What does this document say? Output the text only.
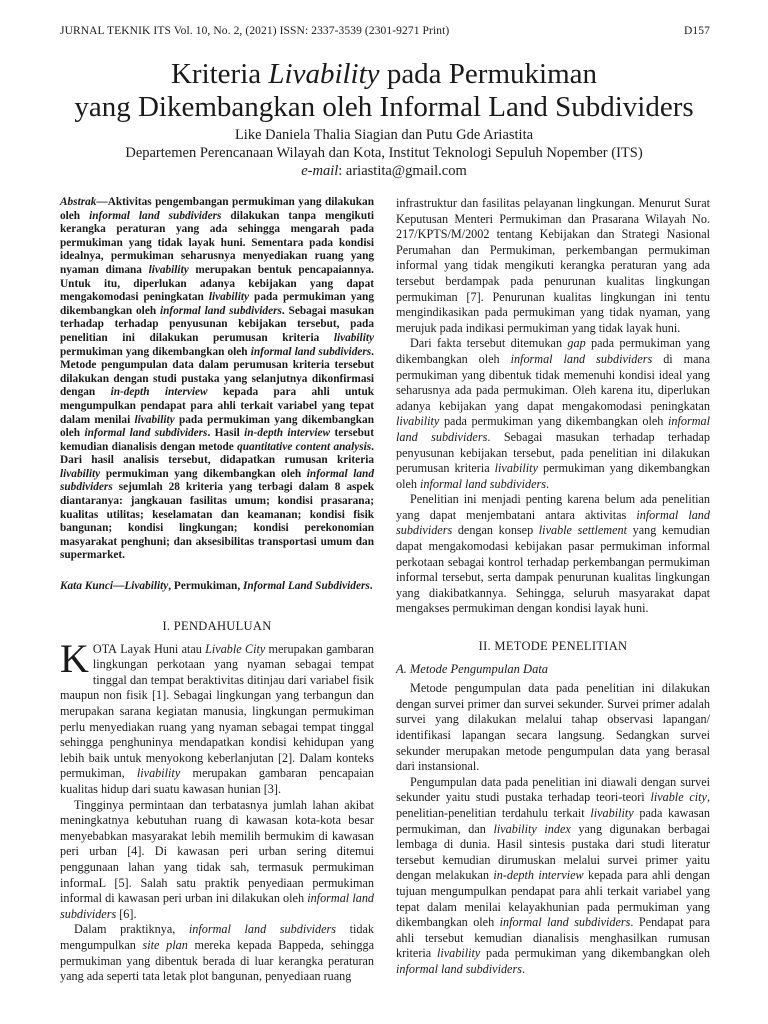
JURNAL TEKNIK ITS Vol. 10, No. 2, (2021) ISSN: 2337-3539 (2301-9271 Print)	D157
Kriteria Livability pada Permukiman
yang Dikembangkan oleh Informal Land Subdividers
Like Daniela Thalia Siagian dan Putu Gde Ariastita
Departemen Perencanaan Wilayah dan Kota, Institut Teknologi Sepuluh Nopember (ITS)
e-mail: ariastita@gmail.com

Abstrak—Aktivitas pengembangan permukiman yang dilakukan oleh informal land subdividers dilakukan tanpa mengikuti kerangka peraturan yang ada sehingga mengarah pada permukiman yang tidak layak huni. Sementara pada kondisi idealnya, permukiman seharusnya menyediakan ruang yang nyaman dimana livability merupakan bentuk pencapaiannya. Untuk itu, diperlukan adanya kebijakan yang dapat mengakomodasi peningkatan livability pada permukiman yang dikembangkan oleh informal land subdividers. Sebagai masukan terhadap terhadap penyusunan kebijakan tersebut, pada penelitian ini dilakukan perumusan kriteria livability permukiman yang dikembangkan oleh informal land subdividers. Metode pengumpulan data dalam perumusan kriteria tersebut dilakukan dengan studi pustaka yang selanjutnya dikonfirmasi dengan in-depth interview kepada para ahli untuk mengumpulkan pendapat para ahli terkait variabel yang tepat dalam menilai livability pada permukiman yang dikembangkan oleh informal land subdividers. Hasil in-depth interview tersebut kemudian dianalisis dengan metode quantitative content analysis. Dari hasil analisis tersebut, didapatkan rumusan kriteria livability permukiman yang dikembangkan oleh informal land subdividers sejumlah 28 kriteria yang terbagi dalam 8 aspek diantaranya: jangkauan fasilitas umum; kondisi prasarana; kualitas utilitas; keselamatan dan keamanan; kondisi fisik bangunan; kondisi lingkungan; kondisi perekonomian masyarakat penghuni; dan aksesibilitas transportasi umum dan supermarket.

Kata Kunci—Livability, Permukiman, Informal Land Subdividers.

I. PENDAHULUAN

KOTA Layak Huni atau Livable City merupakan gambaran lingkungan perkotaan yang nyaman sebagai tempat tinggal dan tempat beraktivitas ditinjau dari variabel fisik maupun non fisik [1]. Sebagai lingkungan yang terbangun dan merupakan sarana kegiatan manusia, lingkungan permukiman perlu menyediakan ruang yang nyaman sebagai tempat tinggal sehingga penghuninya mendapatkan kondisi kehidupan yang lebih baik untuk menyokong keberlanjutan [2]. Dalam konteks permukiman, livability merupakan gambaran pencapaian kualitas hidup dari suatu kawasan hunian [3].

Tingginya permintaan dan terbatasnya jumlah lahan akibat meningkatnya kebutuhan ruang di kawasan kota-kota besar menyebabkan masyarakat lebih memilih bermukim di kawasan peri urban [4]. Di kawasan peri urban sering ditemui penggunaan lahan yang tidak sah, termasuk permukiman informaL [5]. Salah satu praktik penyediaan permukiman informal di kawasan peri urban ini dilakukan oleh informal land subdividers [6].

Dalam praktiknya, informal land subdividers tidak mengumpulkan site plan mereka kepada Bappeda, sehingga permukiman yang dibentuk berada di luar kerangka peraturan yang ada seperti tata letak plot bangunan, penyediaan ruang

infrastruktur dan fasilitas pelayanan lingkungan. Menurut Surat Keputusan Menteri Permukiman dan Prasarana Wilayah No. 217/KPTS/M/2002 tentang Kebijakan dan Strategi Nasional Perumahan dan Permukiman, perkembangan permukiman informal yang tidak mengikuti kerangka peraturan yang ada tersebut berdampak pada penurunan kualitas lingkungan permukiman [7]. Penurunan kualitas lingkungan ini tentu mengindikasikan pada permukiman yang tidak nyaman, yang merujuk pada indikasi permukiman yang tidak layak huni.

Dari fakta tersebut ditemukan gap pada permukiman yang dikembangkan oleh informal land subdividers di mana permukiman yang dibentuk tidak memenuhi kondisi ideal yang seharusnya ada pada permukiman. Oleh karena itu, diperlukan adanya kebijakan yang dapat mengakomodasi peningkatan livability pada permukiman yang dikembangkan oleh informal land subdividers. Sebagai masukan terhadap terhadap penyusunan kebijakan tersebut, pada penelitian ini dilakukan perumusan kriteria livability permukiman yang dikembangkan oleh informal land subdividers.

Penelitian ini menjadi penting karena belum ada penelitian yang dapat menjembatani antara aktivitas informal land subdividers dengan konsep livable settlement yang kemudian dapat mengakomodasi kebijakan pasar permukiman informal perkotaan sebagai kontrol terhadap perkembangan permukiman informal tersebut, serta dampak penurunan kualitas lingkungan yang diakibatkannya. Sehingga, seluruh masyarakat dapat mengakses permukiman dengan kondisi layak huni.

II. METODE PENELITIAN
A. Metode Pengumpulan Data

Metode pengumpulan data pada penelitian ini dilakukan dengan survei primer dan survei sekunder. Survei primer adalah survei yang dilakukan melalui tahap observasi lapangan/ identifikasi lapangan secara langsung. Sedangkan survei sekunder merupakan metode pengumpulan data yang berasal dari instansional.

Pengumpulan data pada penelitian ini diawali dengan survei sekunder yaitu studi pustaka terhadap teori-teori livable city, penelitian-penelitian terdahulu terkait livability pada kawasan permukiman, dan livability index yang digunakan berbagai lembaga di dunia. Hasil sintesis pustaka dari studi literatur tersebut kemudian dirumuskan melalui survei primer yaitu dengan melakukan in-depth interview kepada para ahli dengan tujuan mengumpulkan pendapat para ahli terkait variabel yang tepat dalam menilai kelayakhunian pada permukiman yang dikembangkan oleh informal land subdividers. Pendapat para ahli tersebut kemudian dianalisis menghasilkan rumusan kriteria livability pada permukiman yang dikembangkan oleh informal land subdividers.
